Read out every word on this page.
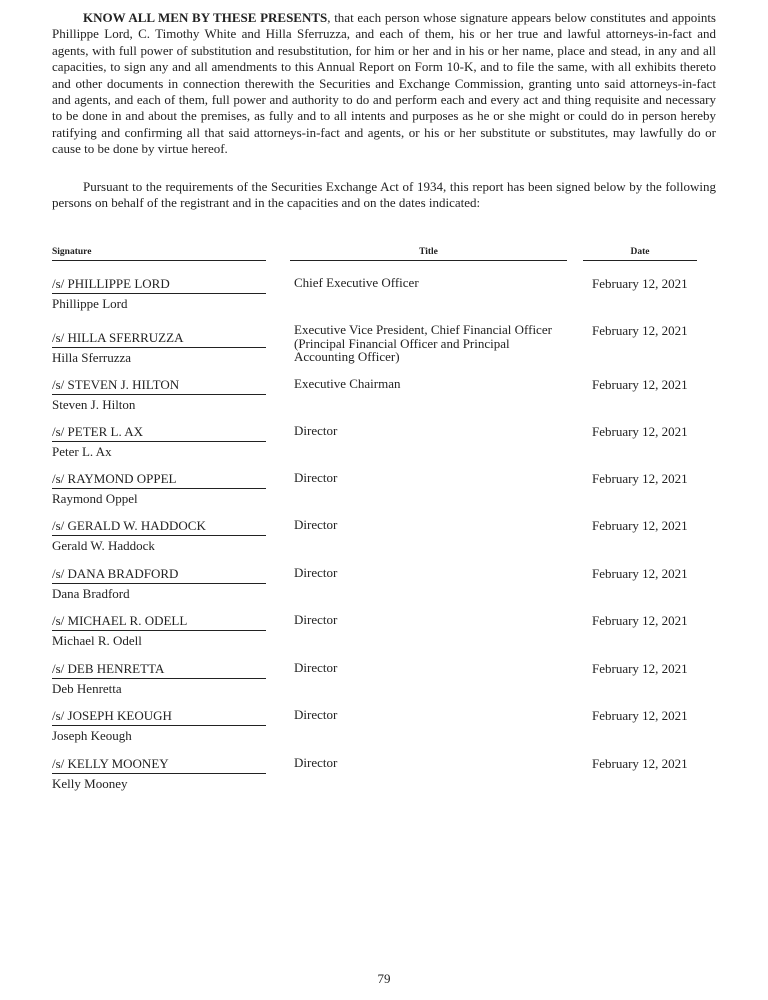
KNOW ALL MEN BY THESE PRESENTS, that each person whose signature appears below constitutes and appoints Phillippe Lord, C. Timothy White and Hilla Sferruzza, and each of them, his or her true and lawful attorneys-in-fact and agents, with full power of substitution and resubstitution, for him or her and in his or her name, place and stead, in any and all capacities, to sign any and all amendments to this Annual Report on Form 10-K, and to file the same, with all exhibits thereto and other documents in connection therewith the Securities and Exchange Commission, granting unto said attorneys-in-fact and agents, and each of them, full power and authority to do and perform each and every act and thing requisite and necessary to be done in and about the premises, as fully and to all intents and purposes as he or she might or could do in person hereby ratifying and confirming all that said attorneys-in-fact and agents, or his or her substitute or substitutes, may lawfully do or cause to be done by virtue hereof.

Pursuant to the requirements of the Securities Exchange Act of 1934, this report has been signed below by the following persons on behalf of the registrant and in the capacities and on the dates indicated:

Signature	Title	Date
/s/ PHILLIPPE LORD
Phillippe Lord
Chief Executive Officer	February 12, 2021
/s/ HILLA SFERRUZZA
Hilla Sferruzza
Executive Vice President, Chief Financial Officer (Principal Financial Officer and Principal Accounting Officer)
February 12, 2021
/s/ STEVEN J. HILTON
Steven J. Hilton
Executive Chairman	February 12, 2021
/s/ PETER L. AX
Peter L. Ax
Director	February 12, 2021
/s/ RAYMOND OPPEL
Raymond Oppel
Director	February 12, 2021
/s/ GERALD W. HADDOCK
Gerald W. Haddock
Director	February 12, 2021
/s/ DANA BRADFORD
Dana Bradford
Director	February 12, 2021
/s/ MICHAEL R. ODELL
Michael R. Odell
Director	February 12, 2021
/s/ DEB HENRETTA
Deb Henretta
Director	February 12, 2021
/s/ JOSEPH KEOUGH
Joseph Keough
Director	February 12, 2021
/s/ KELLY MOONEY
Kelly Mooney
Director	February 12, 2021
79
